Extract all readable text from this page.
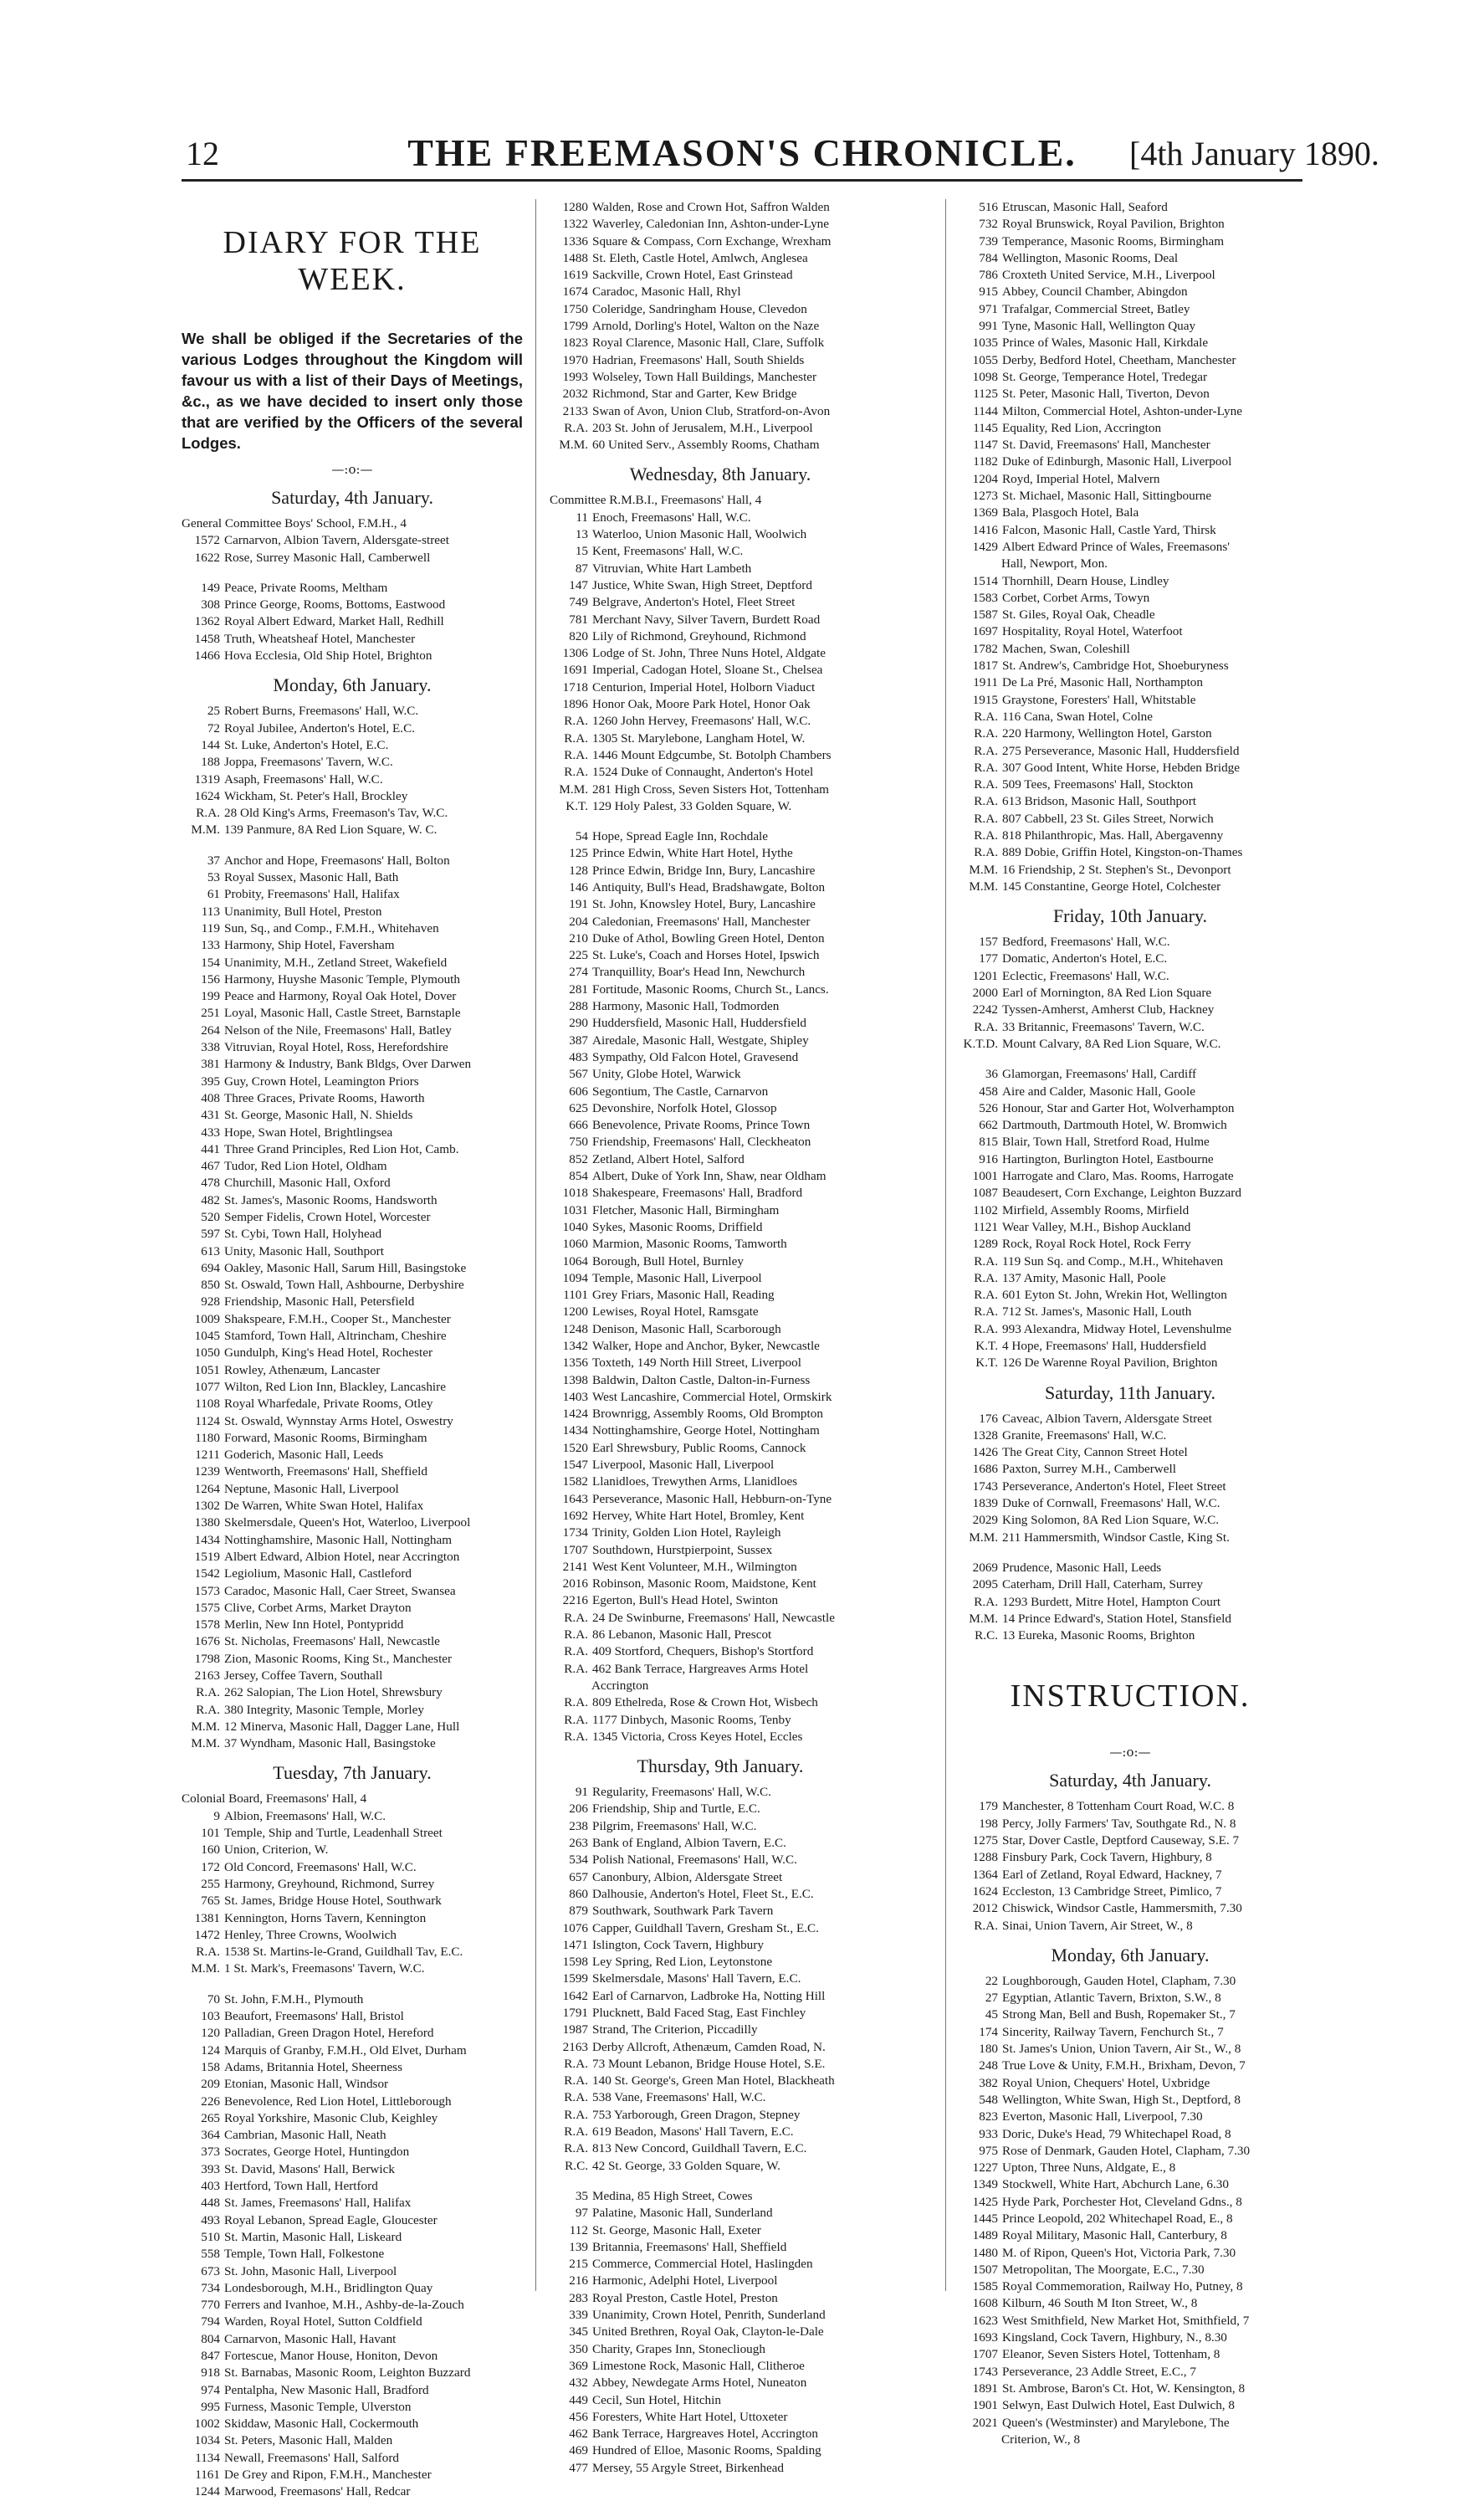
12	THE FREEMASON'S CHRONICLE.	[4th January 1890.
DIARY FOR THE WEEK.

We shall be obliged if the Secretaries of the various Lodges throughout the Kingdom will favour us with a list of their Days of Meetings, &c., as we have decided to insert only those that are verified by the Officers of the several Lodges.

—:o:—
Saturday, 4th January.
General Committee Boys' School, F.M.H., 4
1572 Carnarvon, Albion Tavern, Aldersgate-street
1622 Rose, Surrey Masonic Hall, Camberwell
149 Peace, Private Rooms, Meltham
308 Prince George, Rooms, Bottoms, Eastwood
1362 Royal Albert Edward, Market Hall, Redhill
1458 Truth, Wheatsheaf Hotel, Manchester
1466 Hova Ecclesia, Old Ship Hotel, Brighton
Monday, 6th January.
25 Robert Burns, Freemasons' Hall, W.C.
72 Royal Jubilee, Anderton's Hotel, E.C.
144 St. Luke, Anderton's Hotel, E.C.
188 Joppa, Freemasons' Tavern, W.C.
1319 Asaph, Freemasons' Hall, W.C.
1624 Wickham, St. Peter's Hall, Brockley
R.A. 28 Old King's Arms, Freemason's Tav, W.C.
M.M. 139 Panmure, 8A Red Lion Square, W. C.
37 Anchor and Hope, Freemasons' Hall, Bolton
53 Royal Sussex, Masonic Hall, Bath
61 Probity, Freemasons' Hall, Halifax
113 Unanimity, Bull Hotel, Preston
119 Sun, Sq., and Comp., F.M.H., Whitehaven
133 Harmony, Ship Hotel, Faversham
154 Unanimity, M.H., Zetland Street, Wakefield
156 Harmony, Huyshe Masonic Temple, Plymouth
199 Peace and Harmony, Royal Oak Hotel, Dover
251 Loyal, Masonic Hall, Castle Street, Barnstaple
264 Nelson of the Nile, Freemasons' Hall, Batley
338 Vitruvian, Royal Hotel, Ross, Herefordshire
381 Harmony & Industry, Bank Bldgs, Over Darwen
395 Guy, Crown Hotel, Leamington Priors
408 Three Graces, Private Rooms, Haworth
431 St. George, Masonic Hall, N. Shields
433 Hope, Swan Hotel, Brightlingsea
441 Three Grand Principles, Red Lion Hot, Camb.
467 Tudor, Red Lion Hotel, Oldham
478 Churchill, Masonic Hall, Oxford
482 St. James's, Masonic Rooms, Handsworth
520 Semper Fidelis, Crown Hotel, Worcester
597 St. Cybi, Town Hall, Holyhead
613 Unity, Masonic Hall, Southport
694 Oakley, Masonic Hall, Sarum Hill, Basingstoke
850 St. Oswald, Town Hall, Ashbourne, Derbyshire
928 Friendship, Masonic Hall, Petersfield
1009 Shakspeare, F.M.H., Cooper St., Manchester
1045 Stamford, Town Hall, Altrincham, Cheshire
1050 Gundulph, King's Head Hotel, Rochester
1051 Rowley, Athenæum, Lancaster
1077 Wilton, Red Lion Inn, Blackley, Lancashire
1108 Royal Wharfedale, Private Rooms, Otley
1124 St. Oswald, Wynnstay Arms Hotel, Oswestry
1180 Forward, Masonic Rooms, Birmingham
1211 Goderich, Masonic Hall, Leeds
1239 Wentworth, Freemasons' Hall, Sheffield
1264 Neptune, Masonic Hall, Liverpool
1302 De Warren, White Swan Hotel, Halifax
1380 Skelmersdale, Queen's Hot, Waterloo, Liverpool
1434 Nottinghamshire, Masonic Hall, Nottingham
1519 Albert Edward, Albion Hotel, near Accrington
1542 Legiolium, Masonic Hall, Castleford
1573 Caradoc, Masonic Hall, Caer Street, Swansea
1575 Clive, Corbet Arms, Market Drayton
1578 Merlin, New Inn Hotel, Pontypridd
1676 St. Nicholas, Freemasons' Hall, Newcastle
1798 Zion, Masonic Rooms, King St., Manchester
2163 Jersey, Coffee Tavern, Southall
R.A. 262 Salopian, The Lion Hotel, Shrewsbury
R.A. 380 Integrity, Masonic Temple, Morley
M.M. 12 Minerva, Masonic Hall, Dagger Lane, Hull
M.M. 37 Wyndham, Masonic Hall, Basingstoke
Tuesday, 7th January.
Colonial Board, Freemasons' Hall, 4
9 Albion, Freemasons' Hall, W.C.
101 Temple, Ship and Turtle, Leadenhall Street
160 Union, Criterion, W.
172 Old Concord, Freemasons' Hall, W.C.
255 Harmony, Greyhound, Richmond, Surrey
765 St. James, Bridge House Hotel, Southwark
1381 Kennington, Horns Tavern, Kennington
1472 Henley, Three Crowns, Woolwich
R.A. 1538 St. Martins-le-Grand, Guildhall Tav, E.C.
M.M. 1 St. Mark's, Freemasons' Tavern, W.C.
70 St. John, F.M.H., Plymouth
103 Beaufort, Freemasons' Hall, Bristol
120 Palladian, Green Dragon Hotel, Hereford
124 Marquis of Granby, F.M.H., Old Elvet, Durham
158 Adams, Britannia Hotel, Sheerness
209 Etonian, Masonic Hall, Windsor
226 Benevolence, Red Lion Hotel, Littleborough
265 Royal Yorkshire, Masonic Club, Keighley
364 Cambrian, Masonic Hall, Neath
373 Socrates, George Hotel, Huntingdon
393 St. David, Masons' Hall, Berwick
403 Hertford, Town Hall, Hertford
448 St. James, Freemasons' Hall, Halifax
493 Royal Lebanon, Spread Eagle, Gloucester
510 St. Martin, Masonic Hall, Liskeard
558 Temple, Town Hall, Folkestone
673 St. John, Masonic Hall, Liverpool
734 Londesborough, M.H., Bridlington Quay
770 Ferrers and Ivanhoe, M.H., Ashby-de-la-Zouch
794 Warden, Royal Hotel, Sutton Coldfield
804 Carnarvon, Masonic Hall, Havant
847 Fortescue, Manor House, Honiton, Devon
918 St. Barnabas, Masonic Room, Leighton Buzzard
974 Pentalpha, New Masonic Hall, Bradford
995 Furness, Masonic Temple, Ulverston
1002 Skiddaw, Masonic Hall, Cockermouth
1034 St. Peters, Masonic Hall, Malden
1134 Newall, Freemasons' Hall, Salford
1161 De Grey and Ripon, F.M.H., Manchester
1244 Marwood, Freemasons' Hall, Redcar
1280 Walden, Rose and Crown Hot, Saffron Walden
1322 Waverley, Caledonian Inn, Ashton-under-Lyne
1336 Square & Compass, Corn Exchange, Wrexham
1488 St. Eleth, Castle Hotel, Amlwch, Anglesea
1619 Sackville, Crown Hotel, East Grinstead
1674 Caradoc, Masonic Hall, Rhyl
1750 Coleridge, Sandringham House, Clevedon
1799 Arnold, Dorling's Hotel, Walton on the Naze
1823 Royal Clarence, Masonic Hall, Clare, Suffolk
1970 Hadrian, Freemasons' Hall, South Shields
1993 Wolseley, Town Hall Buildings, Manchester
2032 Richmond, Star and Garter, Kew Bridge
2133 Swan of Avon, Union Club, Stratford-on-Avon
R.A. 203 St. John of Jerusalem, M.H., Liverpool
M.M. 60 United Serv., Assembly Rooms, Chatham
Wednesday, 8th January.
Committee R.M.B.I., Freemasons' Hall, 4
11 Enoch, Freemasons' Hall, W.C.
13 Waterloo, Union Masonic Hall, Woolwich
15 Kent, Freemasons' Hall, W.C.
87 Vitruvian, White Hart Lambeth
147 Justice, White Swan, High Street, Deptford
749 Belgrave, Anderton's Hotel, Fleet Street
781 Merchant Navy, Silver Tavern, Burdett Road
820 Lily of Richmond, Greyhound, Richmond
1306 Lodge of St. John, Three Nuns Hotel, Aldgate
1691 Imperial, Cadogan Hotel, Sloane St., Chelsea
1718 Centurion, Imperial Hotel, Holborn Viaduct
1896 Honor Oak, Moore Park Hotel, Honor Oak
R.A. 1260 John Hervey, Freemasons' Hall, W.C.
R.A. 1305 St. Marylebone, Langham Hotel, W.
R.A. 1446 Mount Edgcumbe, St. Botolph Chambers
R.A. 1524 Duke of Connaught, Anderton's Hotel
M.M. 281 High Cross, Seven Sisters Hot, Tottenham
K.T. 129 Holy Palest, 33 Golden Square, W.
54 Hope, Spread Eagle Inn, Rochdale
125 Prince Edwin, White Hart Hotel, Hythe
128 Prince Edwin, Bridge Inn, Bury, Lancashire
146 Antiquity, Bull's Head, Bradshawgate, Bolton
191 St. John, Knowsley Hotel, Bury, Lancashire
204 Caledonian, Freemasons' Hall, Manchester
210 Duke of Athol, Bowling Green Hotel, Denton
225 St. Luke's, Coach and Horses Hotel, Ipswich
274 Tranquillity, Boar's Head Inn, Newchurch
281 Fortitude, Masonic Rooms, Church St., Lancs.
288 Harmony, Masonic Hall, Todmorden
290 Huddersfield, Masonic Hall, Huddersfield
387 Airedale, Masonic Hall, Westgate, Shipley
483 Sympathy, Old Falcon Hotel, Gravesend
567 Unity, Globe Hotel, Warwick
606 Segontium, The Castle, Carnarvon
625 Devonshire, Norfolk Hotel, Glossop
666 Benevolence, Private Rooms, Prince Town
750 Friendship, Freemasons' Hall, Cleckheaton
852 Zetland, Albert Hotel, Salford
854 Albert, Duke of York Inn, Shaw, near Oldham
1018 Shakespeare, Freemasons' Hall, Bradford
1031 Fletcher, Masonic Hall, Birmingham
1040 Sykes, Masonic Rooms, Driffield
1060 Marmion, Masonic Rooms, Tamworth
1064 Borough, Bull Hotel, Burnley
1094 Temple, Masonic Hall, Liverpool
1101 Grey Friars, Masonic Hall, Reading
1200 Lewises, Royal Hotel, Ramsgate
1248 Denison, Masonic Hall, Scarborough
1342 Walker, Hope and Anchor, Byker, Newcastle
1356 Toxteth, 149 North Hill Street, Liverpool
1398 Baldwin, Dalton Castle, Dalton-in-Furness
1403 West Lancashire, Commercial Hotel, Ormskirk
1424 Brownrigg, Assembly Rooms, Old Brompton
1434 Nottinghamshire, George Hotel, Nottingham
1520 Earl Shrewsbury, Public Rooms, Cannock
1547 Liverpool, Masonic Hall, Liverpool
1582 Llanidloes, Trewythen Arms, Llanidloes
1643 Perseverance, Masonic Hall, Hebburn-on-Tyne
1692 Hervey, White Hart Hotel, Bromley, Kent
1734 Trinity, Golden Lion Hotel, Rayleigh
1707 Southdown, Hurstpierpoint, Sussex
2141 West Kent Volunteer, M.H., Wilmington
2016 Robinson, Masonic Room, Maidstone, Kent
2216 Egerton, Bull's Head Hotel, Swinton
R.A. 24 De Swinburne, Freemasons' Hall, Newcastle
R.A. 86 Lebanon, Masonic Hall, Prescot
R.A. 409 Stortford, Chequers, Bishop's Stortford
R.A. 462 Bank Terrace, Hargreaves Arms Hotel
Accrington
R.A. 809 Ethelreda, Rose & Crown Hot, Wisbech
R.A. 1177 Dinbych, Masonic Rooms, Tenby
R.A. 1345 Victoria, Cross Keyes Hotel, Eccles
Thursday, 9th January.
91 Regularity, Freemasons' Hall, W.C.
206 Friendship, Ship and Turtle, E.C.
238 Pilgrim, Freemasons' Hall, W.C.
263 Bank of England, Albion Tavern, E.C.
534 Polish National, Freemasons' Hall, W.C.
657 Canonbury, Albion, Aldersgate Street
860 Dalhousie, Anderton's Hotel, Fleet St., E.C.
879 Southwark, Southwark Park Tavern
1076 Capper, Guildhall Tavern, Gresham St., E.C.
1471 Islington, Cock Tavern, Highbury
1598 Ley Spring, Red Lion, Leytonstone
1599 Skelmersdale, Masons' Hall Tavern, E.C.
1642 Earl of Carnarvon, Ladbroke Ha, Notting Hill
1791 Plucknett, Bald Faced Stag, East Finchley
1987 Strand, The Criterion, Piccadilly
2163 Derby Allcroft, Athenæum, Camden Road, N.
R.A. 73 Mount Lebanon, Bridge House Hotel, S.E.
R.A. 140 St. George's, Green Man Hotel, Blackheath
R.A. 538 Vane, Freemasons' Hall, W.C.
R.A. 753 Yarborough, Green Dragon, Stepney
R.A. 619 Beadon, Masons' Hall Tavern, E.C.
R.A. 813 New Concord, Guildhall Tavern, E.C.
R.C. 42 St. George, 33 Golden Square, W.
35 Medina, 85 High Street, Cowes
97 Palatine, Masonic Hall, Sunderland
112 St. George, Masonic Hall, Exeter
139 Britannia, Freemasons' Hall, Sheffield
215 Commerce, Commercial Hotel, Haslingden
216 Harmonic, Adelphi Hotel, Liverpool
283 Royal Preston, Castle Hotel, Preston
339 Unanimity, Crown Hotel, Penrith, Sunderland
345 United Brethren, Royal Oak, Clayton-le-Dale
350 Charity, Grapes Inn, Stonecliough
369 Limestone Rock, Masonic Hall, Clitheroe
432 Abbey, Newdegate Arms Hotel, Nuneaton
449 Cecil, Sun Hotel, Hitchin
456 Foresters, White Hart Hotel, Uttoxeter
462 Bank Terrace, Hargreaves Hotel, Accrington
469 Hundred of Elloe, Masonic Rooms, Spalding
477 Mersey, 55 Argyle Street, Birkenhead
516 Etruscan, Masonic Hall, Seaford
732 Royal Brunswick, Royal Pavilion, Brighton
739 Temperance, Masonic Rooms, Birmingham
784 Wellington, Masonic Rooms, Deal
786 Croxteth United Service, M.H., Liverpool
915 Abbey, Council Chamber, Abingdon
971 Trafalgar, Commercial Street, Batley
991 Tyne, Masonic Hall, Wellington Quay
1035 Prince of Wales, Masonic Hall, Kirkdale
1055 Derby, Bedford Hotel, Cheetham, Manchester
1098 St. George, Temperance Hotel, Tredegar
1125 St. Peter, Masonic Hall, Tiverton, Devon
1144 Milton, Commercial Hotel, Ashton-under-Lyne
1145 Equality, Red Lion, Accrington
1147 St. David, Freemasons' Hall, Manchester
1182 Duke of Edinburgh, Masonic Hall, Liverpool
1204 Royd, Imperial Hotel, Malvern
1273 St. Michael, Masonic Hall, Sittingbourne
1369 Bala, Plasgoch Hotel, Bala
1416 Falcon, Masonic Hall, Castle Yard, Thirsk
1429 Albert Edward Prince of Wales, Freemasons'
Hall, Newport, Mon.
1514 Thornhill, Dearn House, Lindley
1583 Corbet, Corbet Arms, Towyn
1587 St. Giles, Royal Oak, Cheadle
1697 Hospitality, Royal Hotel, Waterfoot
1782 Machen, Swan, Coleshill
1817 St. Andrew's, Cambridge Hot, Shoeburyness
1911 De La Pré, Masonic Hall, Northampton
1915 Graystone, Foresters' Hall, Whitstable
R.A. 116 Cana, Swan Hotel, Colne
R.A. 220 Harmony, Wellington Hotel, Garston
R.A. 275 Perseverance, Masonic Hall, Huddersfield
R.A. 307 Good Intent, White Horse, Hebden Bridge
R.A. 509 Tees, Freemasons' Hall, Stockton
R.A. 613 Bridson, Masonic Hall, Southport
R.A. 807 Cabbell, 23 St. Giles Street, Norwich
R.A. 818 Philanthropic, Mas. Hall, Abergavenny
R.A. 889 Dobie, Griffin Hotel, Kingston-on-Thames
M.M. 16 Friendship, 2 St. Stephen's St., Devonport
M.M. 145 Constantine, George Hotel, Colchester
Friday, 10th January.
157 Bedford, Freemasons' Hall, W.C.
177 Domatic, Anderton's Hotel, E.C.
1201 Eclectic, Freemasons' Hall, W.C.
2000 Earl of Mornington, 8A Red Lion Square
2242 Tyssen-Amherst, Amherst Club, Hackney
R.A. 33 Britannic, Freemasons' Tavern, W.C.
K.T.D. Mount Calvary, 8A Red Lion Square, W.C.
36 Glamorgan, Freemasons' Hall, Cardiff
458 Aire and Calder, Masonic Hall, Goole
526 Honour, Star and Garter Hot, Wolverhampton
662 Dartmouth, Dartmouth Hotel, W. Bromwich
815 Blair, Town Hall, Stretford Road, Hulme
916 Hartington, Burlington Hotel, Eastbourne
1001 Harrogate and Claro, Mas. Rooms, Harrogate
1087 Beaudesert, Corn Exchange, Leighton Buzzard
1102 Mirfield, Assembly Rooms, Mirfield
1121 Wear Valley, M.H., Bishop Auckland
1289 Rock, Royal Rock Hotel, Rock Ferry
R.A. 119 Sun Sq. and Comp., M.H., Whitehaven
R.A. 137 Amity, Masonic Hall, Poole
R.A. 601 Eyton St. John, Wrekin Hot, Wellington
R.A. 712 St. James's, Masonic Hall, Louth
R.A. 993 Alexandra, Midway Hotel, Levenshulme
K.T. 4 Hope, Freemasons' Hall, Huddersfield
K.T. 126 De Warenne Royal Pavilion, Brighton
Saturday, 11th January.
176 Caveac, Albion Tavern, Aldersgate Street
1328 Granite, Freemasons' Hall, W.C.
1426 The Great City, Cannon Street Hotel
1686 Paxton, Surrey M.H., Camberwell
1743 Perseverance, Anderton's Hotel, Fleet Street
1839 Duke of Cornwall, Freemasons' Hall, W.C.
2029 King Solomon, 8A Red Lion Square, W.C.
M.M. 211 Hammersmith, Windsor Castle, King St.
2069 Prudence, Masonic Hall, Leeds
2095 Caterham, Drill Hall, Caterham, Surrey
R.A. 1293 Burdett, Mitre Hotel, Hampton Court
M.M. 14 Prince Edward's, Station Hotel, Stansfield
R.C. 13 Eureka, Masonic Rooms, Brighton
INSTRUCTION.
—:o:—
Saturday, 4th January.
179 Manchester, 8 Tottenham Court Road, W.C. 8
198 Percy, Jolly Farmers' Tav, Southgate Rd., N. 8
1275 Star, Dover Castle, Deptford Causeway, S.E. 7
1288 Finsbury Park, Cock Tavern, Highbury, 8
1364 Earl of Zetland, Royal Edward, Hackney, 7
1624 Eccleston, 13 Cambridge Street, Pimlico, 7
2012 Chiswick, Windsor Castle, Hammersmith, 7.30
R.A. Sinai, Union Tavern, Air Street, W., 8
Monday, 6th January.
22 Loughborough, Gauden Hotel, Clapham, 7.30
27 Egyptian, Atlantic Tavern, Brixton, S.W., 8
45 Strong Man, Bell and Bush, Ropemaker St., 7
174 Sincerity, Railway Tavern, Fenchurch St., 7
180 St. James's Union, Union Tavern, Air St., W., 8
248 True Love & Unity, F.M.H., Brixham, Devon, 7
382 Royal Union, Chequers' Hotel, Uxbridge
548 Wellington, White Swan, High St., Deptford, 8
823 Everton, Masonic Hall, Liverpool, 7.30
933 Doric, Duke's Head, 79 Whitechapel Road, 8
975 Rose of Denmark, Gauden Hotel, Clapham, 7.30
1227 Upton, Three Nuns, Aldgate, E., 8
1349 Stockwell, White Hart, Abchurch Lane, 6.30
1425 Hyde Park, Porchester Hot, Cleveland Gdns., 8
1445 Prince Leopold, 202 Whitechapel Road, E., 8
1489 Royal Military, Masonic Hall, Canterbury, 8
1480 M. of Ripon, Queen's Hot, Victoria Park, 7.30
1507 Metropolitan, The Moorgate, E.C., 7.30
1585 Royal Commemoration, Railway Ho, Putney, 8
1608 Kilburn, 46 South M Iton Street, W., 8
1623 West Smithfield, New Market Hot, Smithfield, 7
1693 Kingsland, Cock Tavern, Highbury, N., 8.30
1707 Eleanor, Seven Sisters Hotel, Tottenham, 8
1743 Perseverance, 23 Addle Street, E.C., 7
1891 St. Ambrose, Baron's Ct. Hot, W. Kensington, 8
1901 Selwyn, East Dulwich Hotel, East Dulwich, 8
2021 Queen's (Westminster) and Marylebone, The
Criterion, W., 8
